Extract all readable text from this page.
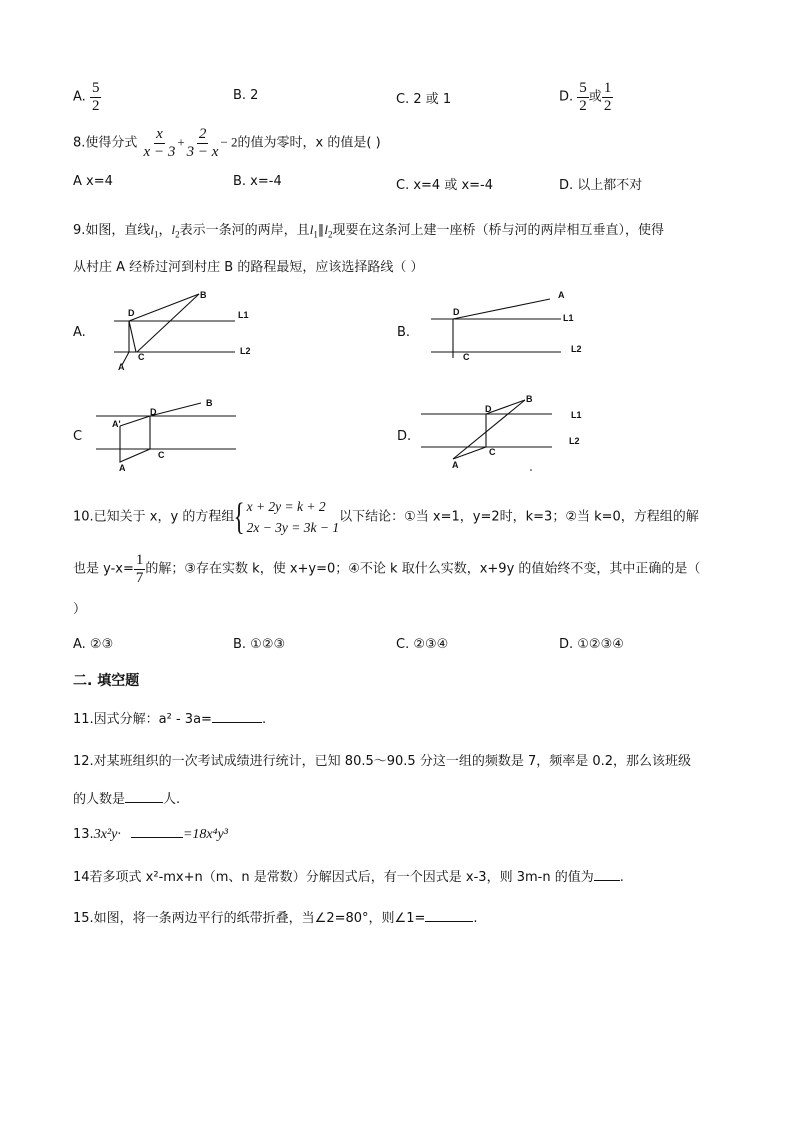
A. $\frac{5}{2}$	B. 2	C. 2 或 1	D. $\frac{5}{2}$ 或 $\frac{1}{2}$
8.使得分式 $\frac{x}{x - 3} + \frac{2}{3 - x} - 2$的值为零时，x 的值是( )
A x=4	B. x=-4	C. x=4 或 x=-4	D. 以上都不对
9.如图，直线$l_1$，$l_2$表示一条河的两岸，且$l_1\parallel l_2$现要在这条河上建一座桥（桥与河的两岸相互垂直），使得
从村庄 A 经桥过河到村庄 B 的路程最短，应该选择路线（ ）
A.	B.
C	D.
D
B
C
A
L1
L2
D
A
C
L1
L2
A'
D
B
C
A
D
B
C
A
L1
L2
10.已知关于 x，y 的方程组 { x + 2y = k + 2
2x − 3y = 3k − 1
以下结论：①当 x=1，y=2时，k=3；②当 k=0，方程组的解
也是 $y-x= \frac{1}{7}$ 的解；③存在实数 k，使 x+y=0；④不论 k 取什么实数，x+9y 的值始终不变，其中正确的是（
）
A. ②③	B. ①②③	C. ②③④	D. ①②③④
二. 填空题
11.因式分解：a² - 3a=	.
12.对某班组织的一次考试成绩进行统计，已知 80.5～90.5 分这一组的频数是 7，频率是 0.2，那么该班级
的人数是	人.
13.3x²y·	=18x⁴y³
14若多项式 x²-mx+n（m、n 是常数）分解因式后，有一个因式是 x-3，则 3m-n 的值为 .
15.如图，将一条两边平行的纸带折叠，当∠2=80°，则∠1=	.
